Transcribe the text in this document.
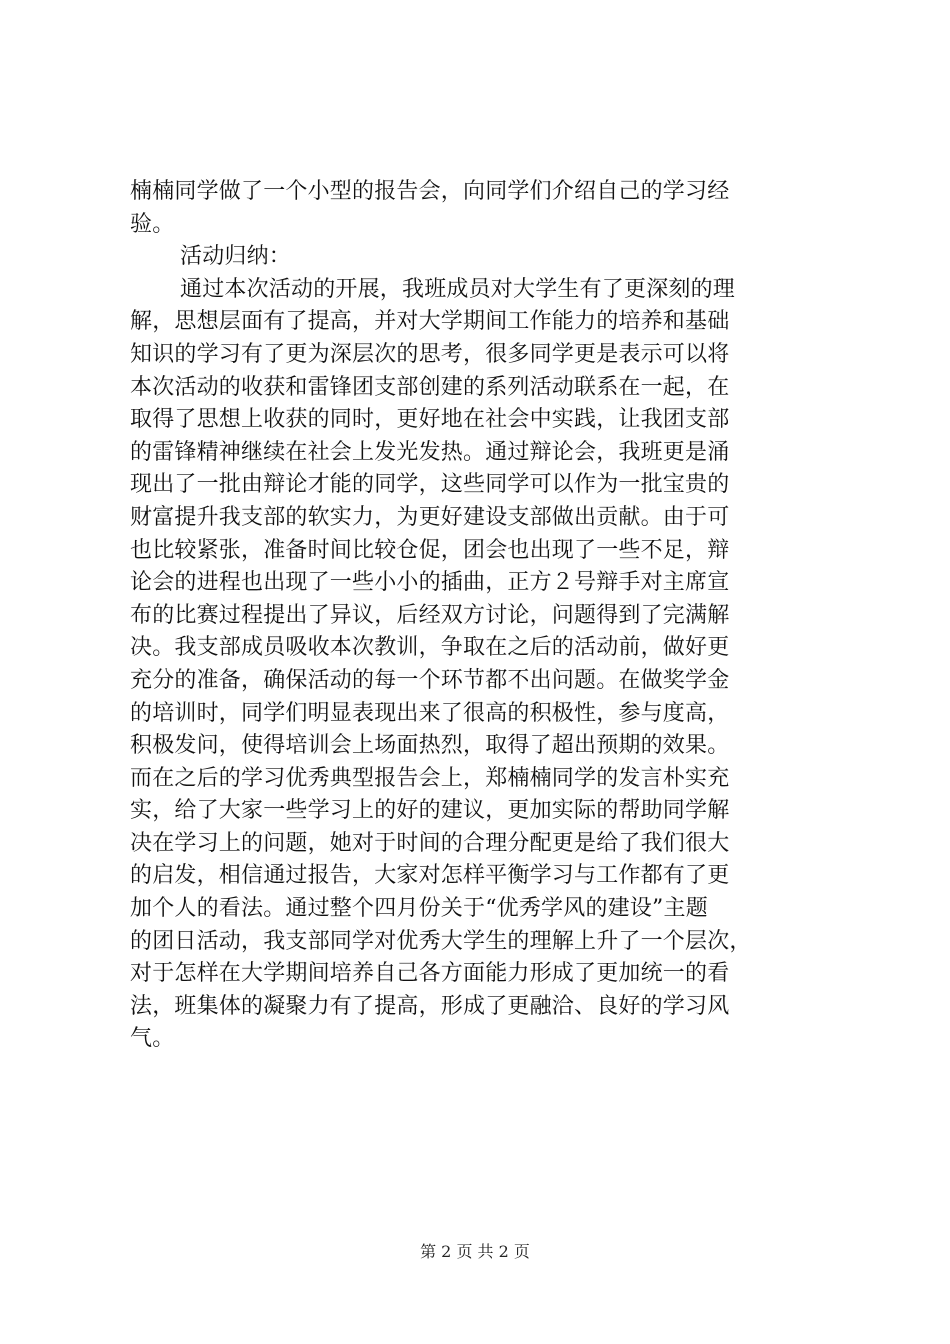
楠楠同学做了一个小型的报告会，向同学们介绍自己的学习经
验。
活动归纳：
通过本次活动的开展，我班成员对大学生有了更深刻的理
解，思想层面有了提高，并对大学期间工作能力的培养和基础
知识的学习有了更为深层次的思考，很多同学更是表示可以将
本次活动的收获和雷锋团支部创建的系列活动联系在一起，在
取得了思想上收获的同时，更好地在社会中实践，让我团支部
的雷锋精神继续在社会上发光发热。通过辩论会，我班更是涌
现出了一批由辩论才能的同学，这些同学可以作为一批宝贵的
财富提升我支部的软实力，为更好建设支部做出贡献。由于可
也比较紧张，准备时间比较仓促，团会也出现了一些不足，辩
论会的进程也出现了一些小小的插曲，正方２号辩手对主席宣
布的比赛过程提出了异议，后经双方讨论，问题得到了完满解
决。我支部成员吸收本次教训，争取在之后的活动前，做好更
充分的准备，确保活动的每一个环节都不出问题。在做奖学金
的培训时，同学们明显表现出来了很高的积极性，参与度高，
积极发问，使得培训会上场面热烈，取得了超出预期的效果。
而在之后的学习优秀典型报告会上，郑楠楠同学的发言朴实充
实，给了大家一些学习上的好的建议，更加实际的帮助同学解
决在学习上的问题，她对于时间的合理分配更是给了我们很大
的启发，相信通过报告，大家对怎样平衡学习与工作都有了更
加个人的看法。通过整个四月份关于“优秀学风的建设”主题
的团日活动，我支部同学对优秀大学生的理解上升了一个层次，
对于怎样在大学期间培养自己各方面能力形成了更加统一的看
法，班集体的凝聚力有了提高，形成了更融洽、良好的学习风
气。
第 2 页 共 2 页
